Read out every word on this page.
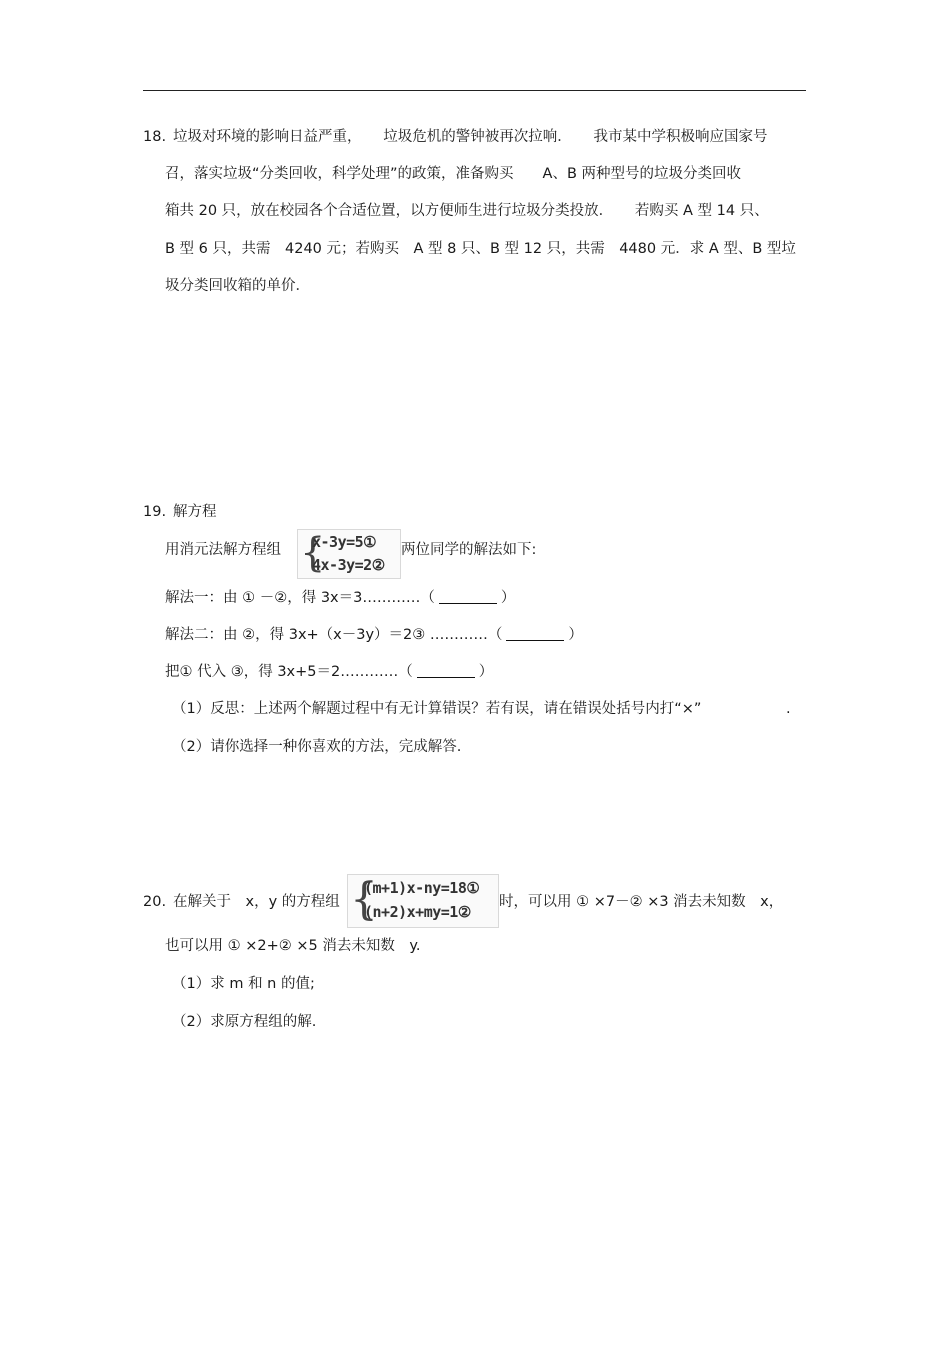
18. 垃圾对环境的影响日益严重，　　垃圾危机的警钟被再次拉响．　　我市某中学积极响应国家号
召，落实垃圾“分类回收，科学处理”的政策，准备购买　　A、B 两种型号的垃圾分类回收
箱共 20 只，放在校园各个合适位置，以方便师生进行垃圾分类投放．　　若购买 A 型 14 只、
B 型 6 只，共需　4240 元；若购买　A 型 8 只、B 型 12 只，共需　4480 元．求 A 型、B 型垃
圾分类回收箱的单价．
19. 解方程
用消元法解方程组 {
x-3y=5①
4x-3y=2②
两位同学的解法如下:
解法一：由 ① －②，得 3x＝3…………（	）
解法二：由 ②，得 3x+（x－3y）＝2③ …………（	）
把① 代入 ③，得 3x+5＝2…………（	）
（1）反思：上述两个解题过程中有无计算错误？若有误，请在错误处括号内打“×”	.
（2）请你选择一种你喜欢的方法，完成解答.
20. 在解关于　x，y 的方程组 {
(m+1)x-ny=18①
(n+2)x+my=1②
时，可以用 ① ×7－② ×3 消去未知数　x，
也可以用 ① ×2+② ×5 消去未知数　y.
（1）求 m 和 n 的值;
（2）求原方程组的解.
